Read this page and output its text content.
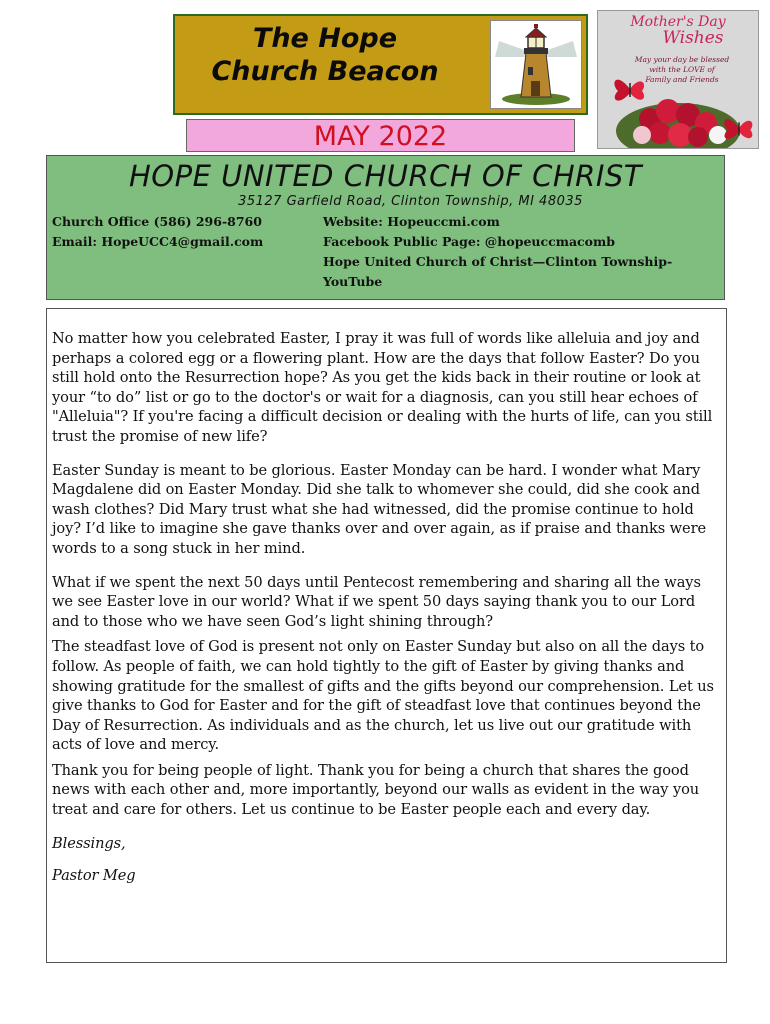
The Hope
Church Beacon
Mother's Day
Wishes
May your day be blessed
with the LOVE of
Family and Friends
MAY 2022
HOPE UNITED CHURCH OF CHRIST
35127 Garfield Road, Clinton Township, MI 48035
Church Office (586) 296-8760
Email: HopeUCC4@gmail.com
Website: Hopeuccmi.com
Facebook Public Page: @hopeuccmacomb
Hope United Church of Christ—Clinton Township-
YouTube

No matter how you celebrated Easter, I pray it was full of words like alleluia and joy and perhaps a colored egg or a flowering plant. How are the days that follow Easter? Do you still hold onto the Resurrection hope? As you get the kids back in their routine or look at your “to do” list or go to the doctor's or wait for a diagnosis, can you still hear echoes of "Alleluia"? If you're facing a difficult decision or dealing with the hurts of life, can you still trust the promise of new life?

Easter Sunday is meant to be glorious. Easter Monday can be hard. I wonder what Mary Magdalene did on Easter Monday. Did she talk to whomever she could, did she cook and wash clothes? Did Mary trust what she had witnessed, did the promise continue to hold joy? I’d like to imagine she gave thanks over and over again, as if praise and thanks were words to a song stuck in her mind.

What if we spent the next 50 days until Pentecost remembering and sharing all the ways we see Easter love in our world? What if we spent 50 days saying thank you to our Lord and to those who we have seen God’s light shining through?

The steadfast love of God is present not only on Easter Sunday but also on all the days to follow. As people of faith, we can hold tightly to the gift of Easter by giving thanks and showing gratitude for the smallest of gifts and the gifts beyond our comprehension. Let us give thanks to God for Easter and for the gift of steadfast love that continues beyond the Day of Resurrection. As individuals and as the church, let us live out our gratitude with acts of love and mercy.

Thank you for being people of light. Thank you for being a church that shares the good news with each other and, more importantly, beyond our walls as evident in the way you treat and care for others. Let us continue to be Easter people each and every day.

Blessings,

Pastor Meg
